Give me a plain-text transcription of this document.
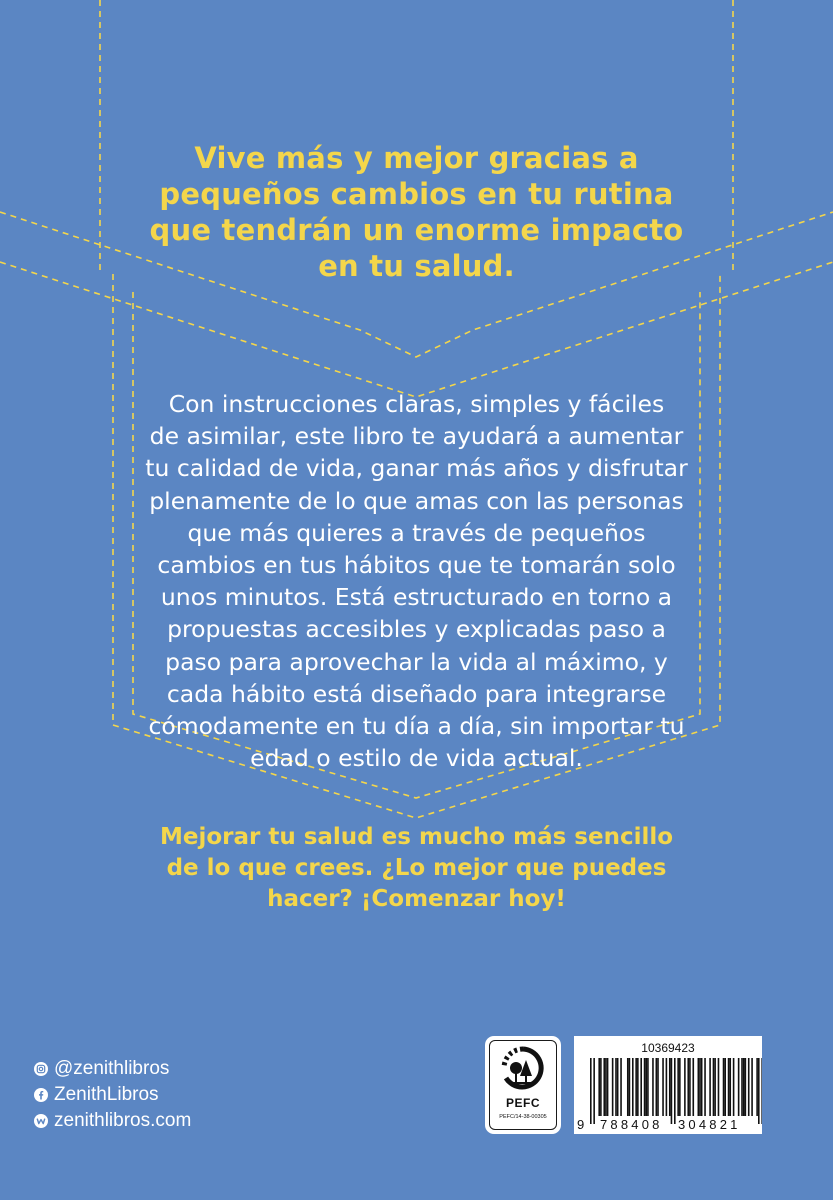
Vive más y mejor gracias a
pequeños cambios en tu rutina
que tendrán un enorme impacto
en tu salud.

Con instrucciones claras, simples y fáciles
de asimilar, este libro te ayudará a aumentar
tu calidad de vida, ganar más años y disfrutar
plenamente de lo que amas con las personas
que más quieres a través de pequeños
cambios en tus hábitos que te tomarán solo
unos minutos. Está estructurado en torno a
propuestas accesibles y explicadas paso a
paso para aprovechar la vida al máximo, y
cada hábito está diseñado para integrarse
cómodamente en tu día a día, sin importar tu
edad o estilo de vida actual.

Mejorar tu salud es mucho más sencillo
de lo que crees. ¿Lo mejor que puedes
hacer? ¡Comenzar hoy!

@zenithlibros
ZenithLibros
zenithlibros.com
PEFC
PEFC/14-38-00305
10369423
9 788408 304821
